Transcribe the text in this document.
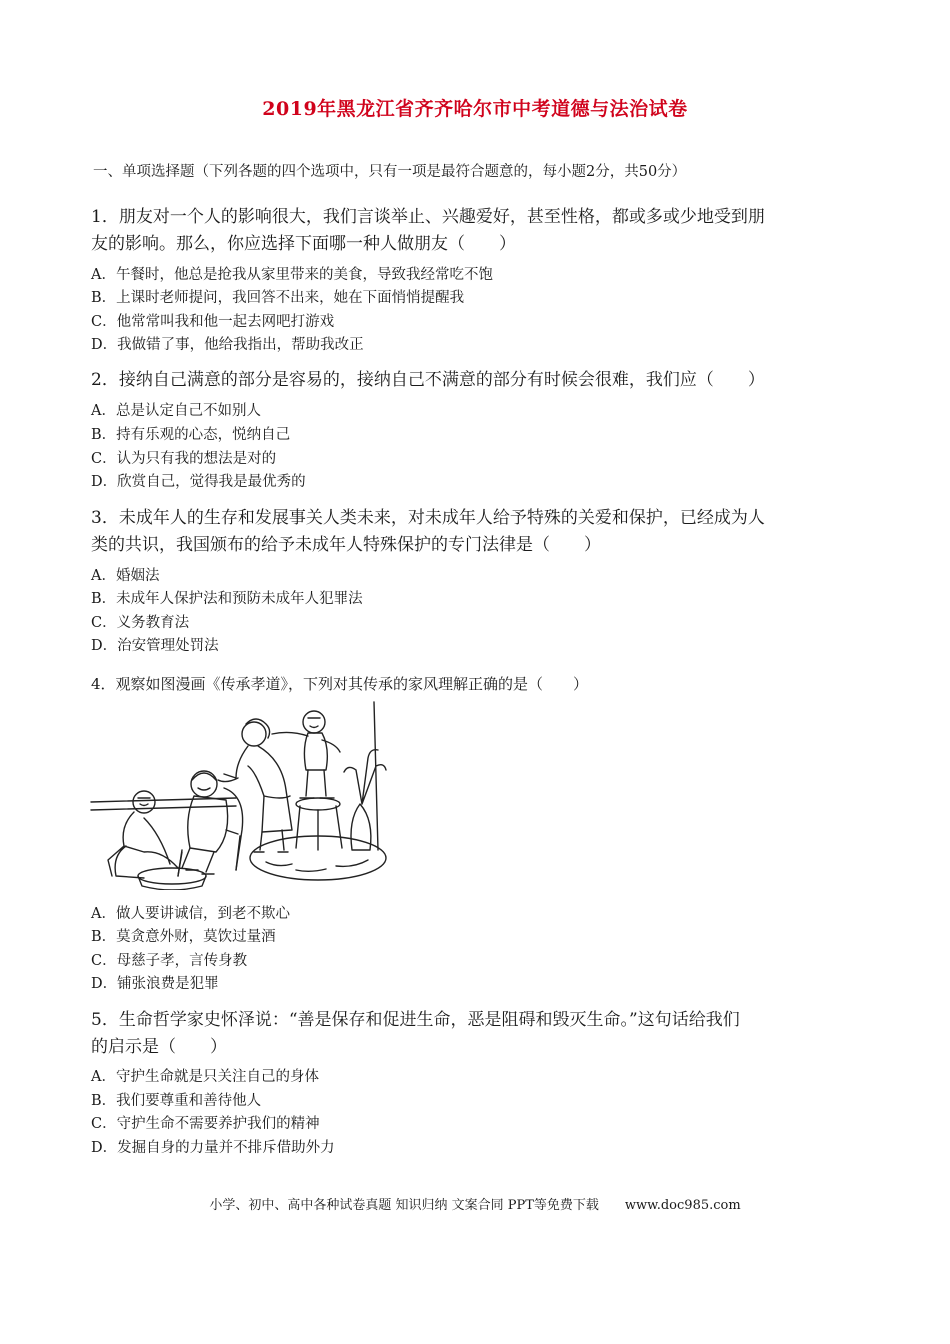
2019年黑龙江省齐齐哈尔市中考道德与法治试卷
一、单项选择题（下列各题的四个选项中，只有一项是最符合题意的，每小题2分，共50分）
1．朋友对一个人的影响很大，我们言谈举止、兴趣爱好，甚至性格，都或多或少地受到朋
友的影响。那么，你应选择下面哪一种人做朋友（　　）
A．午餐时，他总是抢我从家里带来的美食，导致我经常吃不饱
B．上课时老师提问，我回答不出来，她在下面悄悄提醒我
C．他常常叫我和他一起去网吧打游戏
D．我做错了事，他给我指出，帮助我改正
2．接纳自己满意的部分是容易的，接纳自己不满意的部分有时候会很难，我们应（　　）
A．总是认定自己不如别人
B．持有乐观的心态，悦纳自己
C．认为只有我的想法是对的
D．欣赏自己，觉得我是最优秀的
3．未成年人的生存和发展事关人类未来，对未成年人给予特殊的关爱和保护，已经成为人
类的共识，我国颁布的给予未成年人特殊保护的专门法律是（　　）
A．婚姻法
B．未成年人保护法和预防未成年人犯罪法
C．义务教育法
D．治安管理处罚法
4．观察如图漫画《传承孝道》，下列对其传承的家风理解正确的是（　　）
A．做人要讲诚信，到老不欺心
B．莫贪意外财，莫饮过量酒
C．母慈子孝，言传身教
D．铺张浪费是犯罪
5．生命哲学家史怀泽说：“善是保存和促进生命，恶是阻碍和毁灭生命。”这句话给我们
的启示是（　　）
A．守护生命就是只关注自己的身体
B．我们要尊重和善待他人
C．守护生命不需要养护我们的精神
D．发掘自身的力量并不排斥借助外力
小学、初中、高中各种试卷真题 知识归纳 文案合同 PPT等免费下载　　www.doc985.com
